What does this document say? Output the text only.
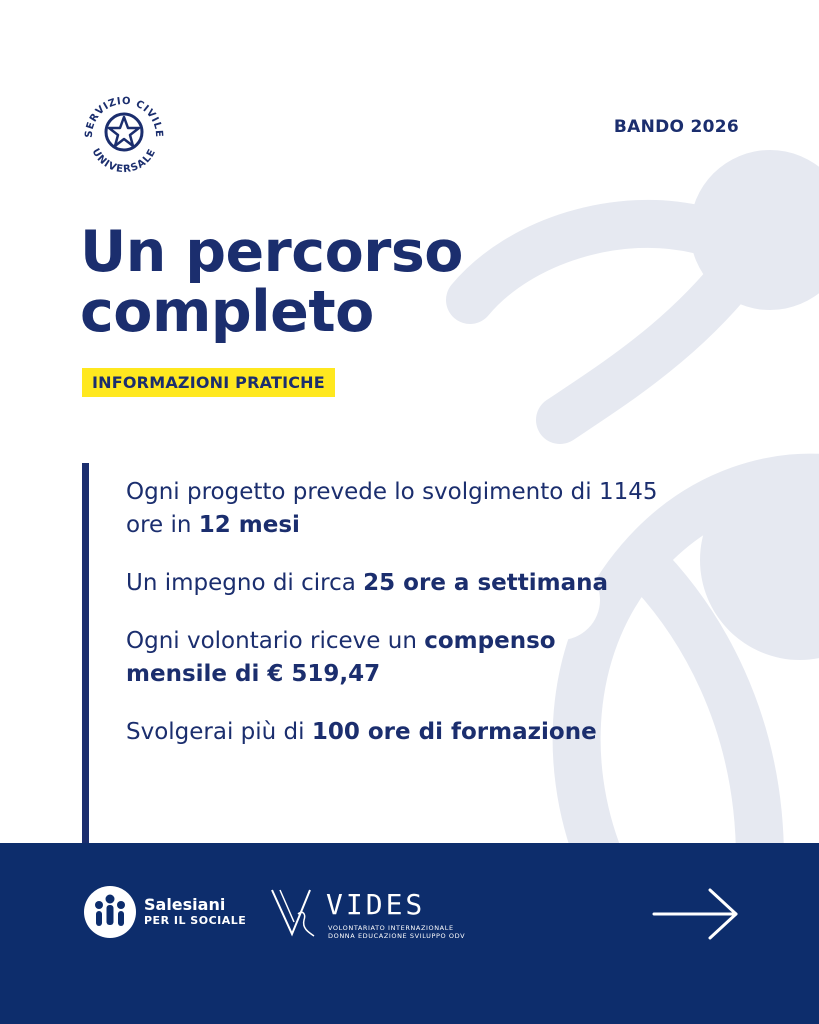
SERVIZIO CIVILE
UNIVERSALE
BANDO 2026
Un percorso
completo
INFORMAZIONI PRATICHE

Ogni progetto prevede lo svolgimento di 1145 ore in 12 mesi

Un impegno di circa 25 ore a settimana

Ogni volontario riceve un compenso mensile di € 519,47

Svolgerai più di 100 ore di formazione

Salesiani
PER IL SOCIALE	VIDES
VOLONTARIATO INTERNAZIONALE
DONNA EDUCAZIONE SVILUPPO ODV
